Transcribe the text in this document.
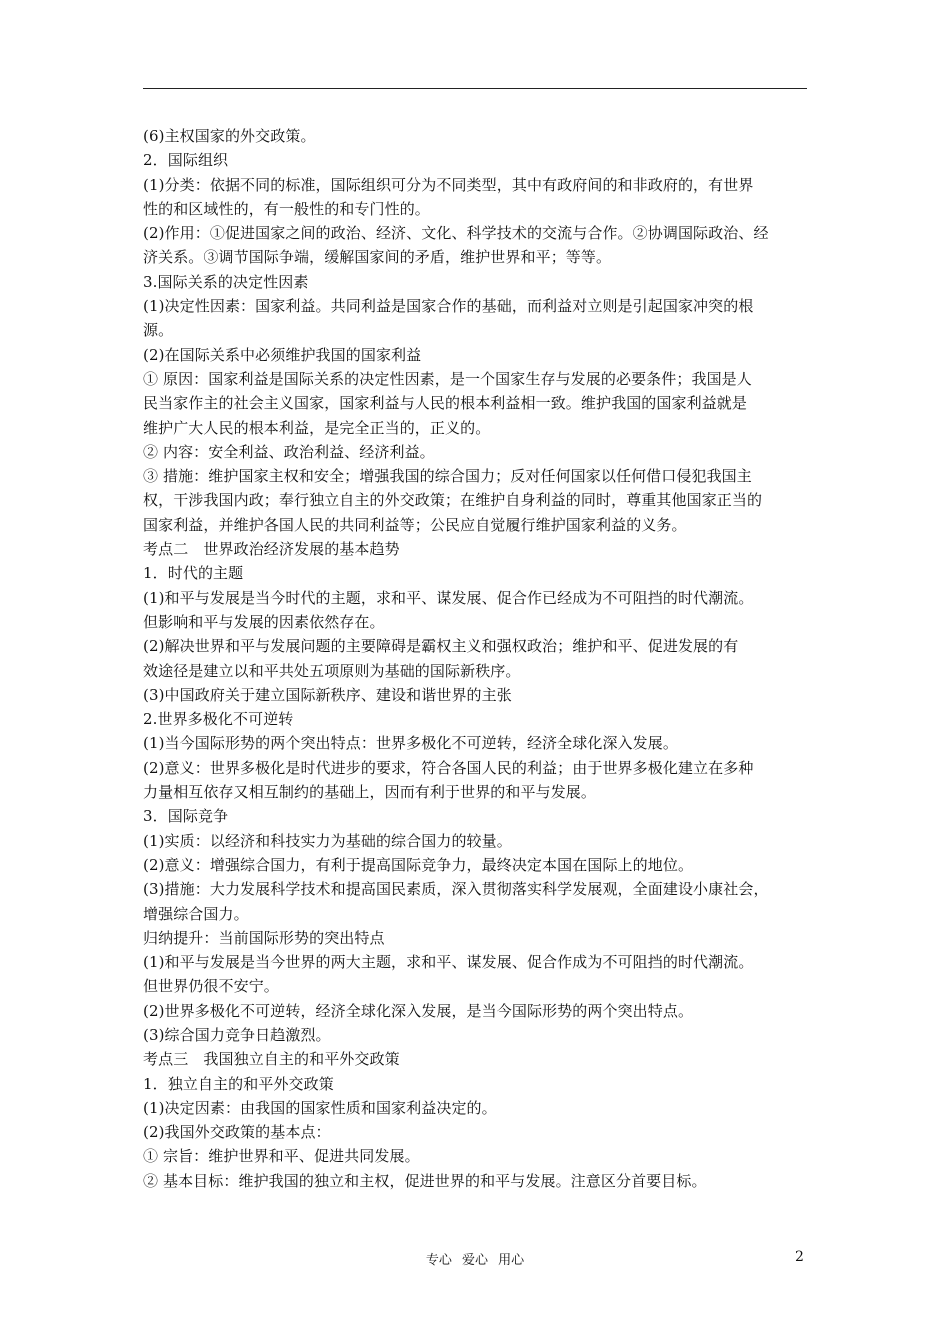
(6)主权国家的外交政策。
2．国际组织
(1)分类：依据不同的标准，国际组织可分为不同类型，其中有政府间的和非政府的，有世界
性的和区域性的，有一般性的和专门性的。
(2)作用：①促进国家之间的政治、经济、文化、科学技术的交流与合作。②协调国际政治、经
济关系。③调节国际争端，缓解国家间的矛盾，维护世界和平；等等。
3.国际关系的决定性因素
(1)决定性因素：国家利益。共同利益是国家合作的基础，而利益对立则是引起国家冲突的根
源。
(2)在国际关系中必须维护我国的国家利益
① 原因：国家利益是国际关系的决定性因素，是一个国家生存与发展的必要条件；我国是人
民当家作主的社会主义国家，国家利益与人民的根本利益相一致。维护我国的国家利益就是
维护广大人民的根本利益，是完全正当的，正义的。
② 内容：安全利益、政治利益、经济利益。
③ 措施：维护国家主权和安全；增强我国的综合国力；反对任何国家以任何借口侵犯我国主
权，干涉我国内政；奉行独立自主的外交政策；在维护自身利益的同时，尊重其他国家正当的
国家利益，并维护各国人民的共同利益等；公民应自觉履行维护国家利益的义务。
考点二　世界政治经济发展的基本趋势
1．时代的主题
(1)和平与发展是当今时代的主题，求和平、谋发展、促合作已经成为不可阻挡的时代潮流。
但影响和平与发展的因素依然存在。
(2)解决世界和平与发展问题的主要障碍是霸权主义和强权政治；维护和平、促进发展的有
效途径是建立以和平共处五项原则为基础的国际新秩序。
(3)中国政府关于建立国际新秩序、建设和谐世界的主张
2.世界多极化不可逆转
(1)当今国际形势的两个突出特点：世界多极化不可逆转，经济全球化深入发展。
(2)意义：世界多极化是时代进步的要求，符合各国人民的利益；由于世界多极化建立在多种
力量相互依存又相互制约的基础上，因而有利于世界的和平与发展。
3．国际竞争
(1)实质：以经济和科技实力为基础的综合国力的较量。
(2)意义：增强综合国力，有利于提高国际竞争力，最终决定本国在国际上的地位。
(3)措施：大力发展科学技术和提高国民素质，深入贯彻落实科学发展观，全面建设小康社会，
增强综合国力。
归纳提升：当前国际形势的突出特点
(1)和平与发展是当今世界的两大主题，求和平、谋发展、促合作成为不可阻挡的时代潮流。
但世界仍很不安宁。
(2)世界多极化不可逆转，经济全球化深入发展，是当今国际形势的两个突出特点。
(3)综合国力竞争日趋激烈。
考点三　我国独立自主的和平外交政策
1．独立自主的和平外交政策
(1)决定因素：由我国的国家性质和国家利益决定的。
(2)我国外交政策的基本点：
① 宗旨：维护世界和平、促进共同发展。
② 基本目标：维护我国的独立和主权，促进世界的和平与发展。注意区分首要目标。
专心 爱心 用心	2
